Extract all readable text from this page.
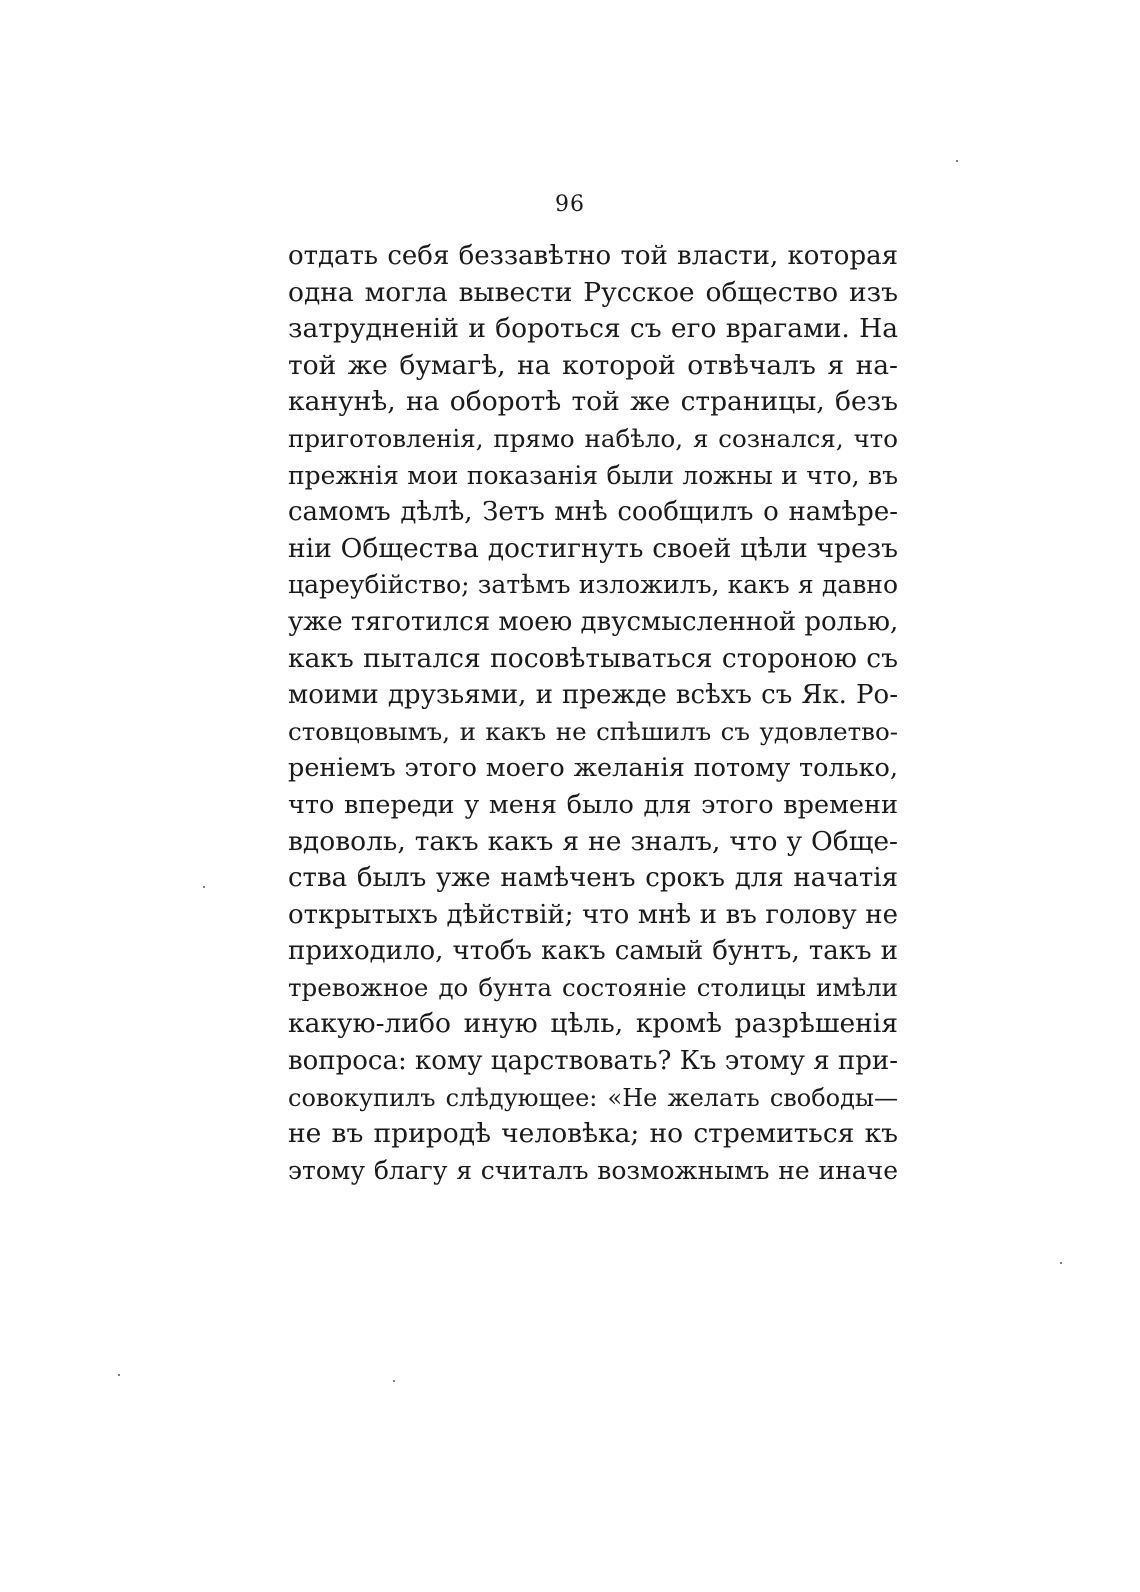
96
отдать себя беззавѣтно той власти, которая
одна могла вывести Русское общество изъ
затрудненій и бороться съ его врагами. На
той же бумагѣ, на которой отвѣчалъ я на-
канунѣ, на оборотѣ той же страницы, безъ
приготовленія, прямо набѣло, я сознался, что
прежнія мои показанія были ложны и что, въ
самомъ дѣлѣ, Зетъ мнѣ сообщилъ о намѣре-
ніи Общества достигнуть своей цѣли чрезъ
цареубійство; затѣмъ изложилъ, какъ я давно
уже тяготился моею двусмысленной ролью,
какъ пытался посовѣтываться стороною съ
моими друзьями, и прежде всѣхъ съ Як. Ро-
стовцовымъ, и какъ не спѣшилъ съ удовлетво-
реніемъ этого моего желанія потому только,
что впереди у меня было для этого времени
вдоволь, такъ какъ я не зналъ, что у Обще-
ства былъ уже намѣченъ срокъ для начатія
открытыхъ дѣйствій; что мнѣ и въ голову не
приходило, чтобъ какъ самый бунтъ, такъ и
тревожное до бунта состояніе столицы имѣли
какую-либо иную цѣль, кромѣ разрѣшенія
вопроса: кому царствовать? Къ этому я при-
совокупилъ слѣдующее: «Не желать свободы—
не въ природѣ человѣка; но стремиться къ
этому благу я считалъ возможнымъ не иначе
